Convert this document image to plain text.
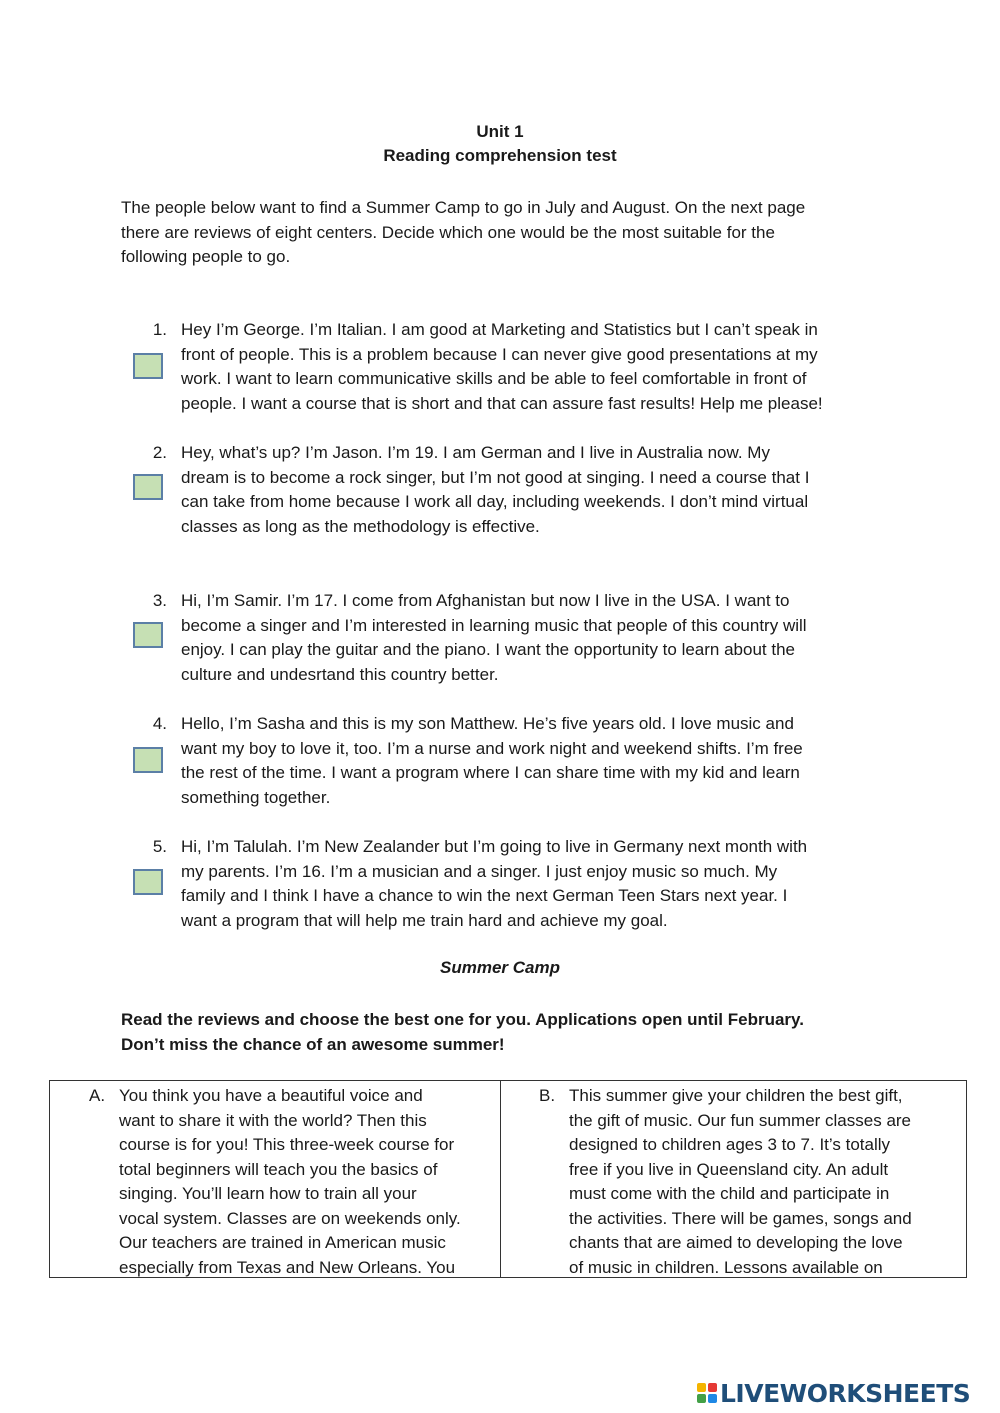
Unit 1
Reading comprehension test
The people below want to find a Summer Camp to go in July and August. On the next page
there are reviews of eight centers. Decide which one would be the most suitable for the
following people to go.
1. Hey I’m George. I’m Italian. I am good at Marketing and Statistics but I can’t speak in
front of people. This is a problem because I can never give good presentations at my
work. I want to learn communicative skills and be able to feel comfortable in front of
people. I want a course that is short and that can assure fast results! Help me please!
2. Hey, what’s up? I’m Jason. I’m 19. I am German and I live in Australia now. My
dream is to become a rock singer, but I’m not good at singing. I need a course that I
can take from home because I work all day, including weekends. I don’t mind virtual
classes as long as the methodology is effective.
3. Hi, I’m Samir. I’m 17. I come from Afghanistan but now I live in the USA. I want to
become a singer and I’m interested in learning music that people of this country will
enjoy. I can play the guitar and the piano. I want the opportunity to learn about the
culture and undesrtand this country better.
4. Hello, I’m Sasha and this is my son Matthew. He’s five years old. I love music and
want my boy to love it, too. I’m a nurse and work night and weekend shifts. I’m free
the rest of the time. I want a program where I can share time with my kid and learn
something together.
5. Hi, I’m Talulah. I’m New Zealander but I’m going to live in Germany next month with
my parents. I’m 16. I’m a musician and a singer. I just enjoy music so much. My
family and I think I have a chance to win the next German Teen Stars next year. I
want a program that will help me train hard and achieve my goal.
Summer Camp
Read the reviews and choose the best one for you. Applications open until February.
Don’t miss the chance of an awesome summer!
A. You think you have a beautiful voice and
want to share it with the world? Then this
course is for you! This three-week course for
total beginners will teach you the basics of
singing. You’ll learn how to train all your
vocal system. Classes are on weekends only.
Our teachers are trained in American music
especially from Texas and New Orleans. You
B. This summer give your children the best gift,
the gift of music. Our fun summer classes are
designed to children ages 3 to 7. It’s totally
free if you live in Queensland city. An adult
must come with the child and participate in
the activities. There will be games, songs and
chants that are aimed to developing the love
of music in children. Lessons available on
LIVEWORKSHEETS
